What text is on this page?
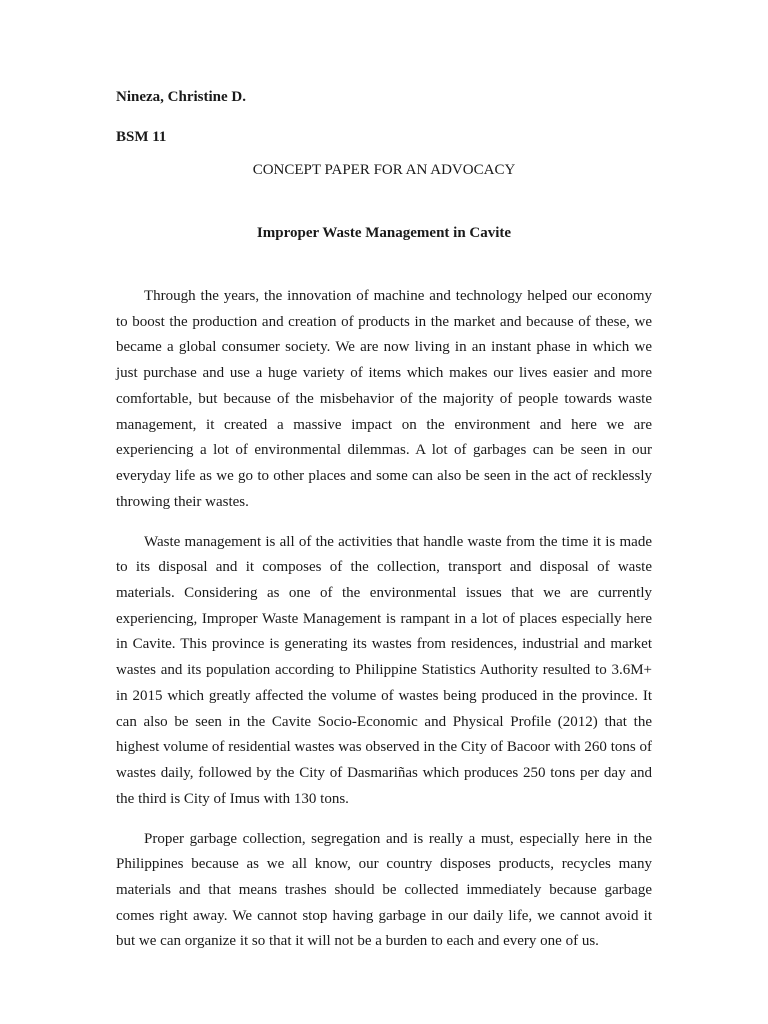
Nineza, Christine D.

BSM 11

CONCEPT PAPER FOR AN ADVOCACY

Improper Waste Management in Cavite

Through the years, the innovation of machine and technology helped our economy to boost the production and creation of products in the market and because of these, we became a global consumer society. We are now living in an instant phase in which we just purchase and use a huge variety of items which makes our lives easier and more comfortable, but because of the misbehavior of the majority of people towards waste management, it created a massive impact on the environment and here we are experiencing a lot of environmental dilemmas. A lot of garbages can be seen in our everyday life as we go to other places and some can also be seen in the act of recklessly throwing their wastes.

Waste management is all of the activities that handle waste from the time it is made to its disposal and it composes of the collection, transport and disposal of waste materials. Considering as one of the environmental issues that we are currently experiencing, Improper Waste Management is rampant in a lot of places especially here in Cavite. This province is generating its wastes from residences, industrial and market wastes and its population according to Philippine Statistics Authority resulted to 3.6M+ in 2015 which greatly affected the volume of wastes being produced in the province. It can also be seen in the Cavite Socio-Economic and Physical Profile (2012) that the highest volume of residential wastes was observed in the City of Bacoor with 260 tons of wastes daily, followed by the City of Dasmariñas which produces 250 tons per day and the third is City of Imus with 130 tons.

Proper garbage collection, segregation and is really a must, especially here in the Philippines because as we all know, our country disposes products, recycles many materials and that means trashes should be collected immediately because garbage comes right away. We cannot stop having garbage in our daily life, we cannot avoid it but we can organize it so that it will not be a burden to each and every one of us.
